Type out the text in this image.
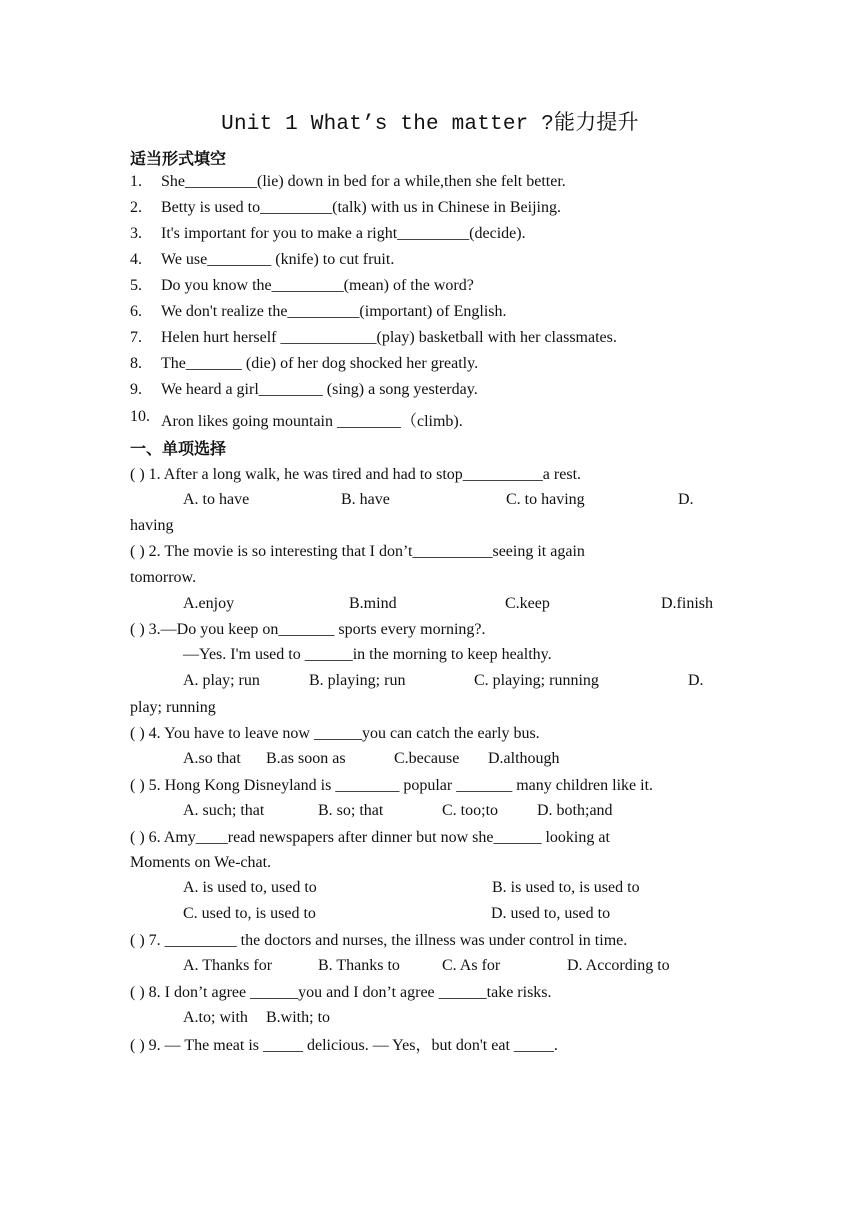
Unit 1 What’s the matter ?能力提升
适当形式填空
1. She_________(lie) down in bed for a while,then she felt better.
2. Betty is used to_________(talk) with us in Chinese in Beijing.
3. It's important for you to make a right_________(decide).
4. We use________ (knife) to cut fruit.
5. Do you know the_________(mean) of the word?
6. We don't realize the_________(important) of English.
7. Helen hurt herself ____________(play) basketball with her classmates.
8. The_______ (die) of her dog shocked her greatly.
9. We heard a girl________ (sing) a song yesterday.
10. Aron likes going mountain ________（climb).
一、单项选择
( ) 1. After a long walk, he was tired and had to stop__________a rest.
A. to have	B. have	C. to having	D.
having
( ) 2. The movie is so interesting that I don’t__________seeing it again
tomorrow.
A.enjoy	B.mind	C.keep	D.finish
( ) 3.—Do you keep on_______ sports every morning?.
—Yes. I'm used to ______in the morning to keep healthy.
A. play; run	B. playing; run	C. playing; running	D.
play; running
( ) 4. You have to leave now ______you can catch the early bus.
A.so that B.as soon as	C.because D.although
( ) 5. Hong Kong Disneyland is ________ popular _______ many children like it.
A. such; that	B. so; that	C. too;to D. both;and
( ) 6. Amy____read newspapers after dinner but now she______ looking at
Moments on We-chat.
A. is used to, used to	B. is used to, is used to
C. used to, is used to	D. used to, used to
( ) 7. _________ the doctors and nurses, the illness was under control in time.
A. Thanks for	B. Thanks to	C. As for	D. According to
( ) 8. I don’t agree ______you and I don’t agree ______take risks.
A.to; with B.with; to
( ) 9. — The meat is _____ delicious. — Yes，but don't eat _____.
